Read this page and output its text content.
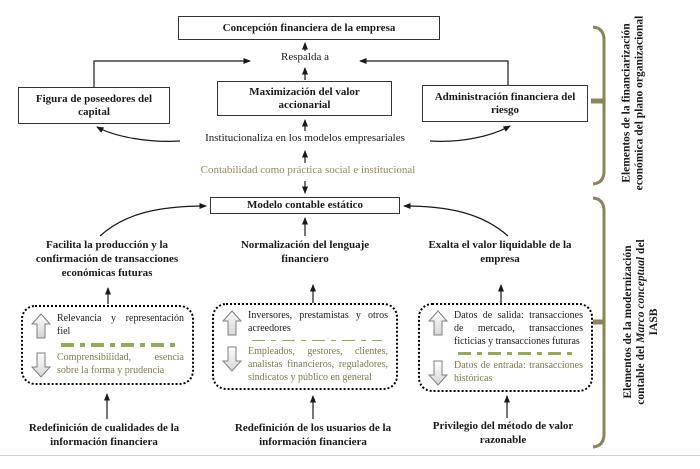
Concepción financiera de la empresa
Respalda a
Figura de poseedores del capital
Maximización del valor accionarial
Administración financiera del riesgo
Institucionaliza en los modelos empresariales
Contabilidad como práctica social e institucional
Modelo contable estático
Facilita la producción y la confirmación de transacciones económicas futuras
Normalización del lenguaje financiero
Exalta el valor liquidable de la empresa
Relevancia y representación fiel
Comprensibilidad, esencia sobre la forma y prudencia
Inversores, prestamistas y otros acreedores
Empleados, gestores, clientes, analistas financieros, reguladores, sindicatos y público en general
Datos de salida: transacciones de mercado, transacciones ficticias y transacciones futuras
Datos de entrada: transacciones históricas
Redefinición de cualidades de la información financiera
Redefinición de los usuarios de la información financiera
Privilegio del método de valor razonable
Elementos de la financiarización económica del plano organizacional
Elementos de la modernización contable del Marco conceptual del IASB
